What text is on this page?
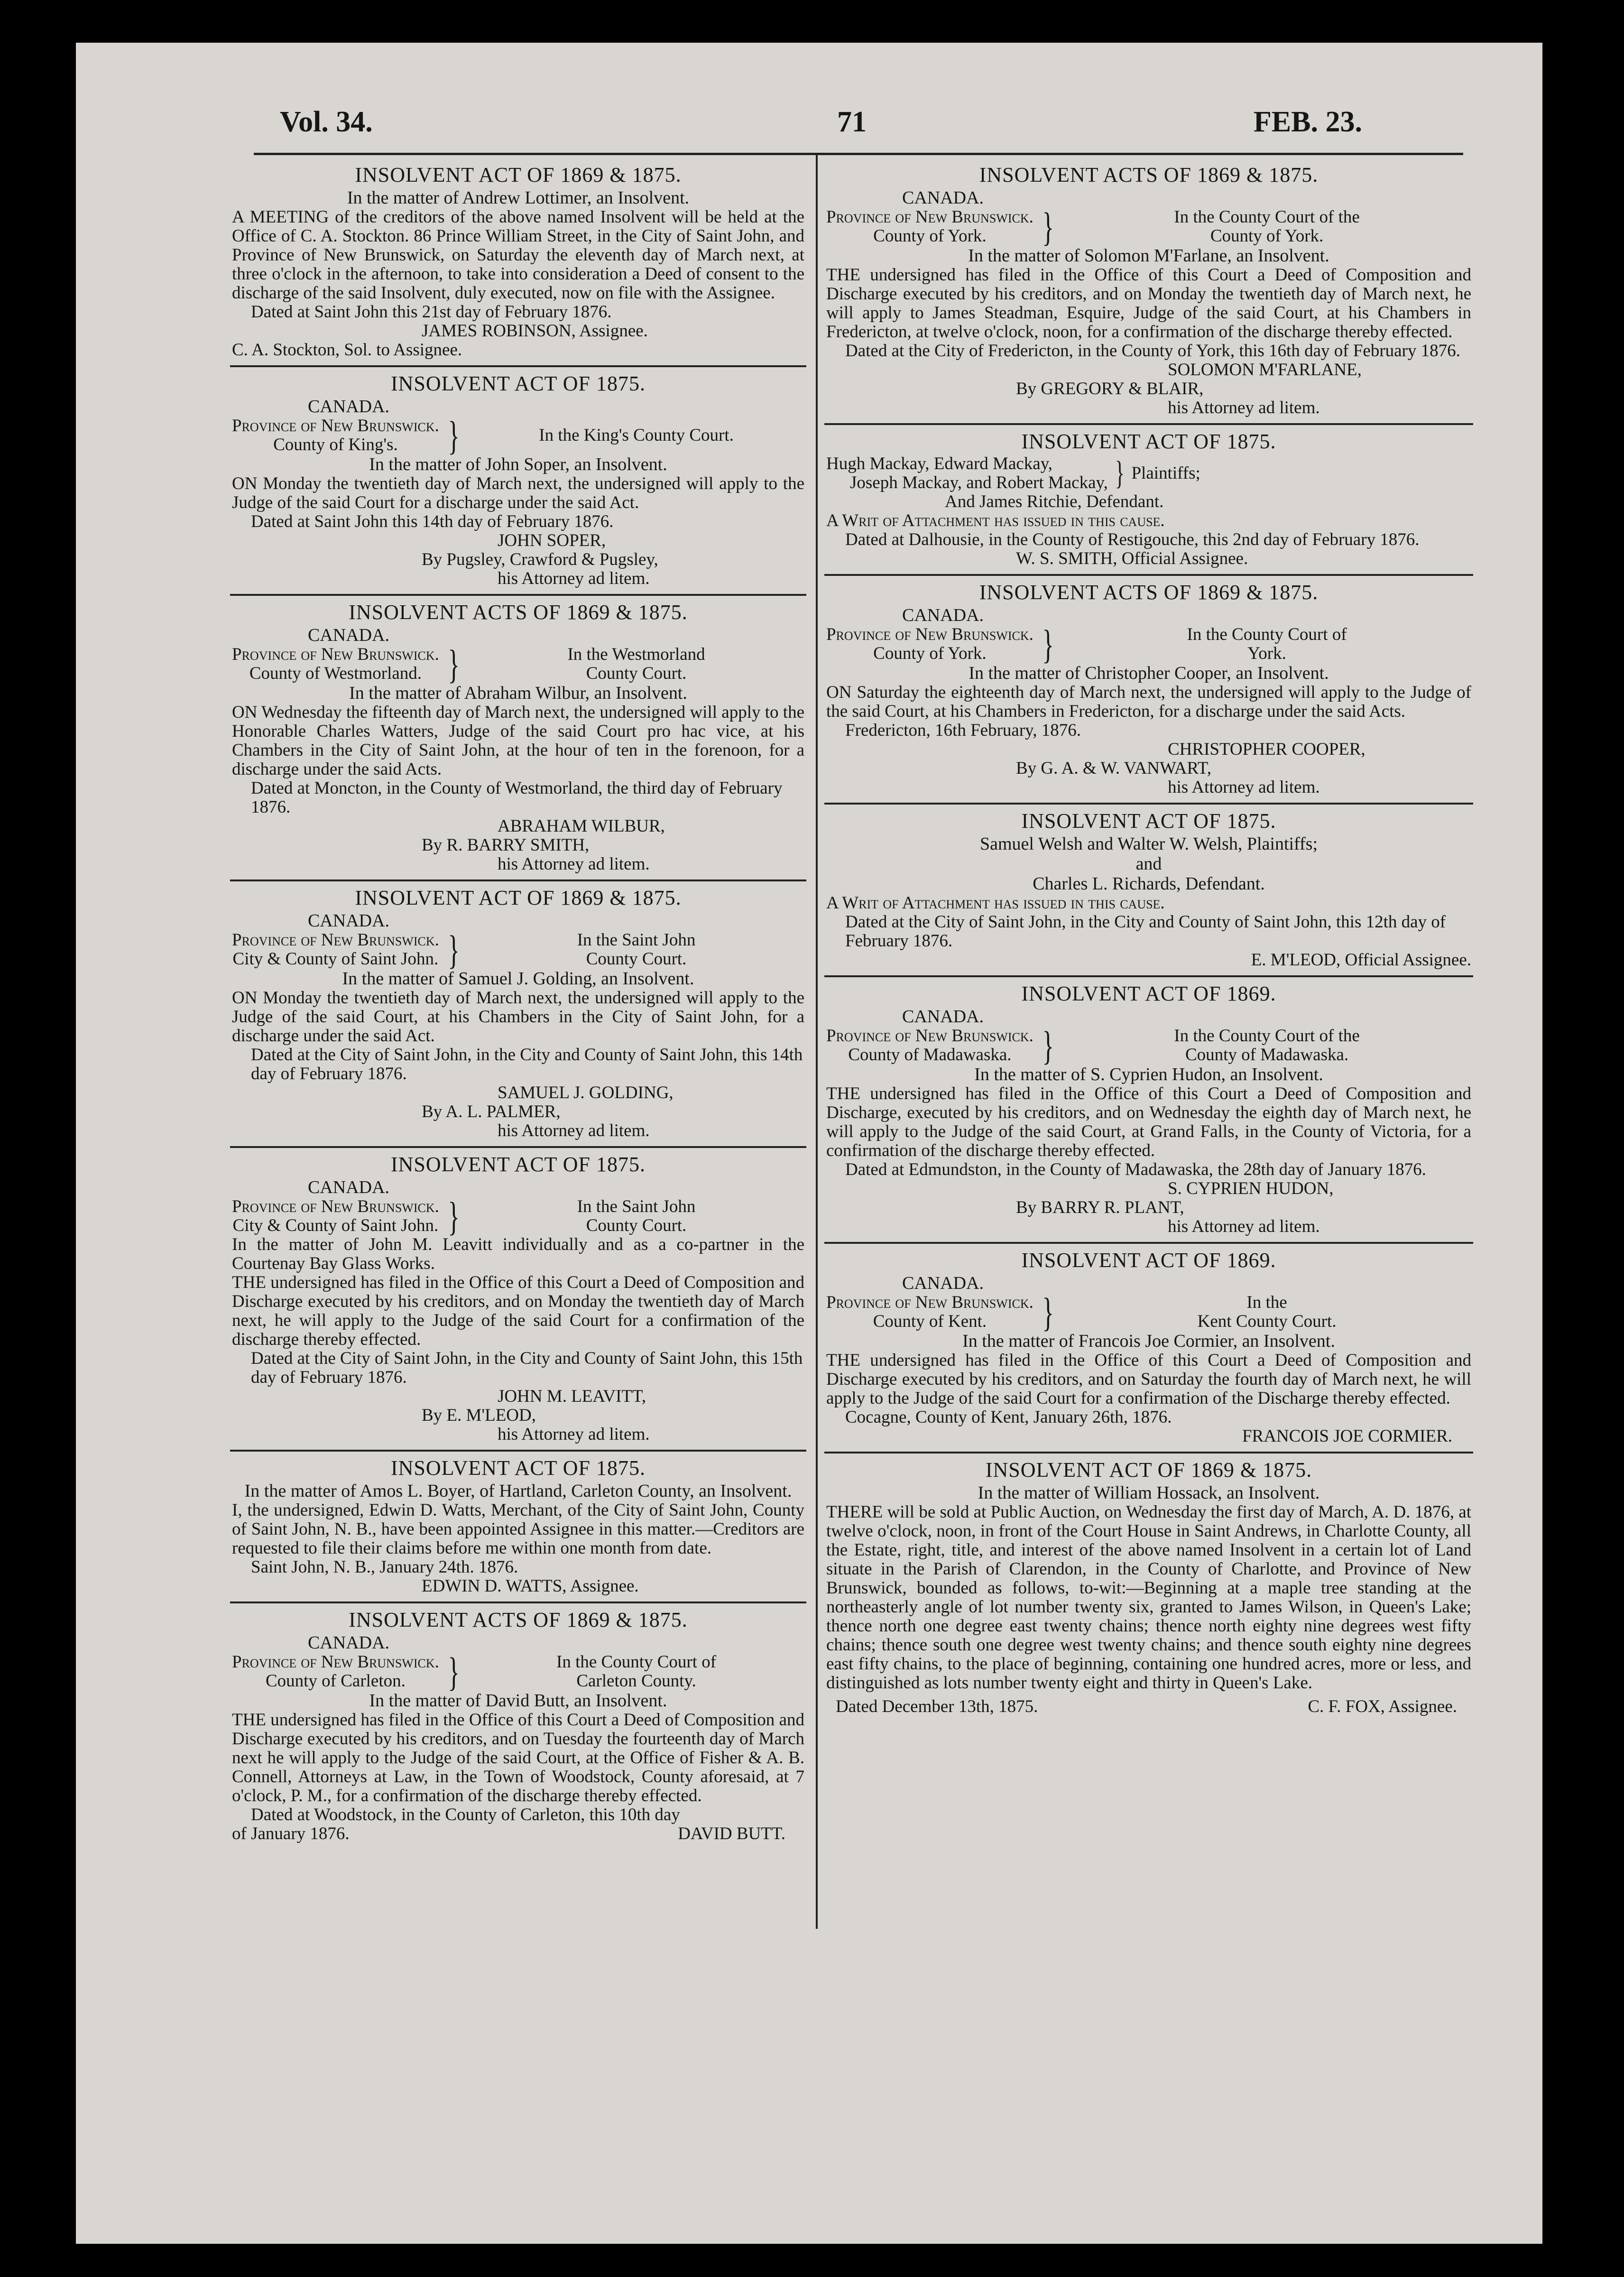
Vol. 34.	71	FEB. 23.
INSOLVENT ACT OF 1869 & 1875.
In the matter of Andrew Lottimer, an Insolvent.
A MEETING of the creditors of the above named Insolvent will be held at the Office of C. A. Stockton. 86 Prince William Street, in the City of Saint John, and Province of New Brunswick, on Saturday the eleventh day of March next, at three o'clock in the afternoon, to take into consideration a Deed of consent to the discharge of the said Insolvent, duly executed, now on file with the Assignee.
Dated at Saint John this 21st day of February 1876.
JAMES ROBINSON, Assignee.
C. A. Stockton, Sol. to Assignee.
INSOLVENT ACT OF 1875.
CANADA.
Province of New Brunswick.
County of King's.	}	In the King's County Court.
In the matter of John Soper, an Insolvent.
ON Monday the twentieth day of March next, the undersigned will apply to the Judge of the said Court for a discharge under the said Act.
Dated at Saint John this 14th day of February 1876.
JOHN SOPER,
By Pugsley, Crawford & Pugsley,
his Attorney ad litem.
INSOLVENT ACTS OF 1869 & 1875.
CANADA.
Province of New Brunswick.
County of Westmorland. }	In the Westmorland
County Court.
In the matter of Abraham Wilbur, an Insolvent.
ON Wednesday the fifteenth day of March next, the undersigned will apply to the Honorable Charles Watters, Judge of the said Court pro hac vice, at his Chambers in the City of Saint John, at the hour of ten in the forenoon, for a discharge under the said Acts.
Dated at Moncton, in the County of Westmorland, the third day of February 1876.
ABRAHAM WILBUR,
By R. BARRY SMITH,
his Attorney ad litem.
INSOLVENT ACT OF 1869 & 1875.
CANADA.
Province of New Brunswick.
City & County of Saint John. }	In the Saint John
County Court.
In the matter of Samuel J. Golding, an Insolvent.
ON Monday the twentieth day of March next, the undersigned will apply to the Judge of the said Court, at his Chambers in the City of Saint John, for a discharge under the said Act.
Dated at the City of Saint John, in the City and County of Saint John, this 14th day of February 1876.
SAMUEL J. GOLDING,
By A. L. PALMER,
his Attorney ad litem.
INSOLVENT ACT OF 1875.
CANADA.
Province of New Brunswick.
City & County of Saint John. }	In the Saint John
County Court.
In the matter of John M. Leavitt individually and as a co-partner in the Courtenay Bay Glass Works.
THE undersigned has filed in the Office of this Court a Deed of Composition and Discharge executed by his creditors, and on Monday the twentieth day of March next, he will apply to the Judge of the said Court for a confirmation of the discharge thereby effected.
Dated at the City of Saint John, in the City and County of Saint John, this 15th day of February 1876.
JOHN M. LEAVITT,
By E. M'LEOD,
his Attorney ad litem.
INSOLVENT ACT OF 1875.
In the matter of Amos L. Boyer, of Hartland, Carleton County, an Insolvent.
I, the undersigned, Edwin D. Watts, Merchant, of the City of Saint John, County of Saint John, N. B., have been appointed Assignee in this matter.—Creditors are requested to file their claims before me within one month from date.
Saint John, N. B., January 24th. 1876.
EDWIN D. WATTS, Assignee.
INSOLVENT ACTS OF 1869 & 1875.
CANADA.
Province of New Brunswick.
County of Carleton.	}	In the County Court of
Carleton County.
In the matter of David Butt, an Insolvent.
THE undersigned has filed in the Office of this Court a Deed of Composition and Discharge executed by his creditors, and on Tuesday the fourteenth day of March next he will apply to the Judge of the said Court, at the Office of Fisher & A. B. Connell, Attorneys at Law, in the Town of Woodstock, County aforesaid, at 7 o'clock, P. M., for a confirmation of the discharge thereby effected.
Dated at Woodstock, in the County of Carleton, this 10th day
of January 1876.	DAVID BUTT.
INSOLVENT ACTS OF 1869 & 1875.
CANADA.
Province of New Brunswick.
County of York.	}	In the County Court of the
County of York.
In the matter of Solomon M'Farlane, an Insolvent.
THE undersigned has filed in the Office of this Court a Deed of Composition and Discharge executed by his creditors, and on Monday the twentieth day of March next, he will apply to James Steadman, Esquire, Judge of the said Court, at his Chambers in Fredericton, at twelve o'clock, noon, for a confirmation of the discharge thereby effected.
Dated at the City of Fredericton, in the County of York, this 16th day of February 1876.
SOLOMON M'FARLANE,
By GREGORY & BLAIR,
his Attorney ad litem.
INSOLVENT ACT OF 1875.
Hugh Mackay, Edward Mackay,
Joseph Mackay, and Robert Mackay, } Plaintiffs;
And James Ritchie, Defendant.
A Writ of Attachment has issued in this cause.
Dated at Dalhousie, in the County of Restigouche, this 2nd day of February 1876.
W. S. SMITH, Official Assignee.
INSOLVENT ACTS OF 1869 & 1875.
CANADA.
Province of New Brunswick.
County of York.	}	In the County Court of
York.
In the matter of Christopher Cooper, an Insolvent.
ON Saturday the eighteenth day of March next, the undersigned will apply to the Judge of the said Court, at his Chambers in Fredericton, for a discharge under the said Acts.
Fredericton, 16th February, 1876.
CHRISTOPHER COOPER,
By G. A. & W. VANWART,
his Attorney ad litem.
INSOLVENT ACT OF 1875.
Samuel Welsh and Walter W. Welsh, Plaintiffs;
and
Charles L. Richards, Defendant.
A Writ of Attachment has issued in this cause.
Dated at the City of Saint John, in the City and County of Saint John, this 12th day of February 1876.
E. M'LEOD, Official Assignee.
INSOLVENT ACT OF 1869.
CANADA.
Province of New Brunswick.
County of Madawaska. }	In the County Court of the
County of Madawaska.
In the matter of S. Cyprien Hudon, an Insolvent.
THE undersigned has filed in the Office of this Court a Deed of Composition and Discharge, executed by his creditors, and on Wednesday the eighth day of March next, he will apply to the Judge of the said Court, at Grand Falls, in the County of Victoria, for a confirmation of the discharge thereby effected.
Dated at Edmundston, in the County of Madawaska, the 28th day of January 1876.
S. CYPRIEN HUDON,
By BARRY R. PLANT,
his Attorney ad litem.
INSOLVENT ACT OF 1869.
CANADA.
Province of New Brunswick.
County of Kent.	}	In the
Kent County Court.
In the matter of Francois Joe Cormier, an Insolvent.
THE undersigned has filed in the Office of this Court a Deed of Composition and Discharge executed by his creditors, and on Saturday the fourth day of March next, he will apply to the Judge of the said Court for a confirmation of the Discharge thereby effected.
Cocagne, County of Kent, January 26th, 1876.
FRANCOIS JOE CORMIER.
INSOLVENT ACT OF 1869 & 1875.
In the matter of William Hossack, an Insolvent.
THERE will be sold at Public Auction, on Wednesday the first day of March, A. D. 1876, at twelve o'clock, noon, in front of the Court House in Saint Andrews, in Charlotte County, all the Estate, right, title, and interest of the above named Insolvent in a certain lot of Land situate in the Parish of Clarendon, in the County of Charlotte, and Province of New Brunswick, bounded as follows, to-wit:—Beginning at a maple tree standing at the northeasterly angle of lot number twenty six, granted to James Wilson, in Queen's Lake; thence north one degree east twenty chains; thence north eighty nine degrees west fifty chains; thence south one degree west twenty chains; and thence south eighty nine degrees east fifty chains, to the place of beginning, containing one hundred acres, more or less, and distinguished as lots number twenty eight and thirty in Queen's Lake.
Dated December 13th, 1875.	C. F. FOX, Assignee.
